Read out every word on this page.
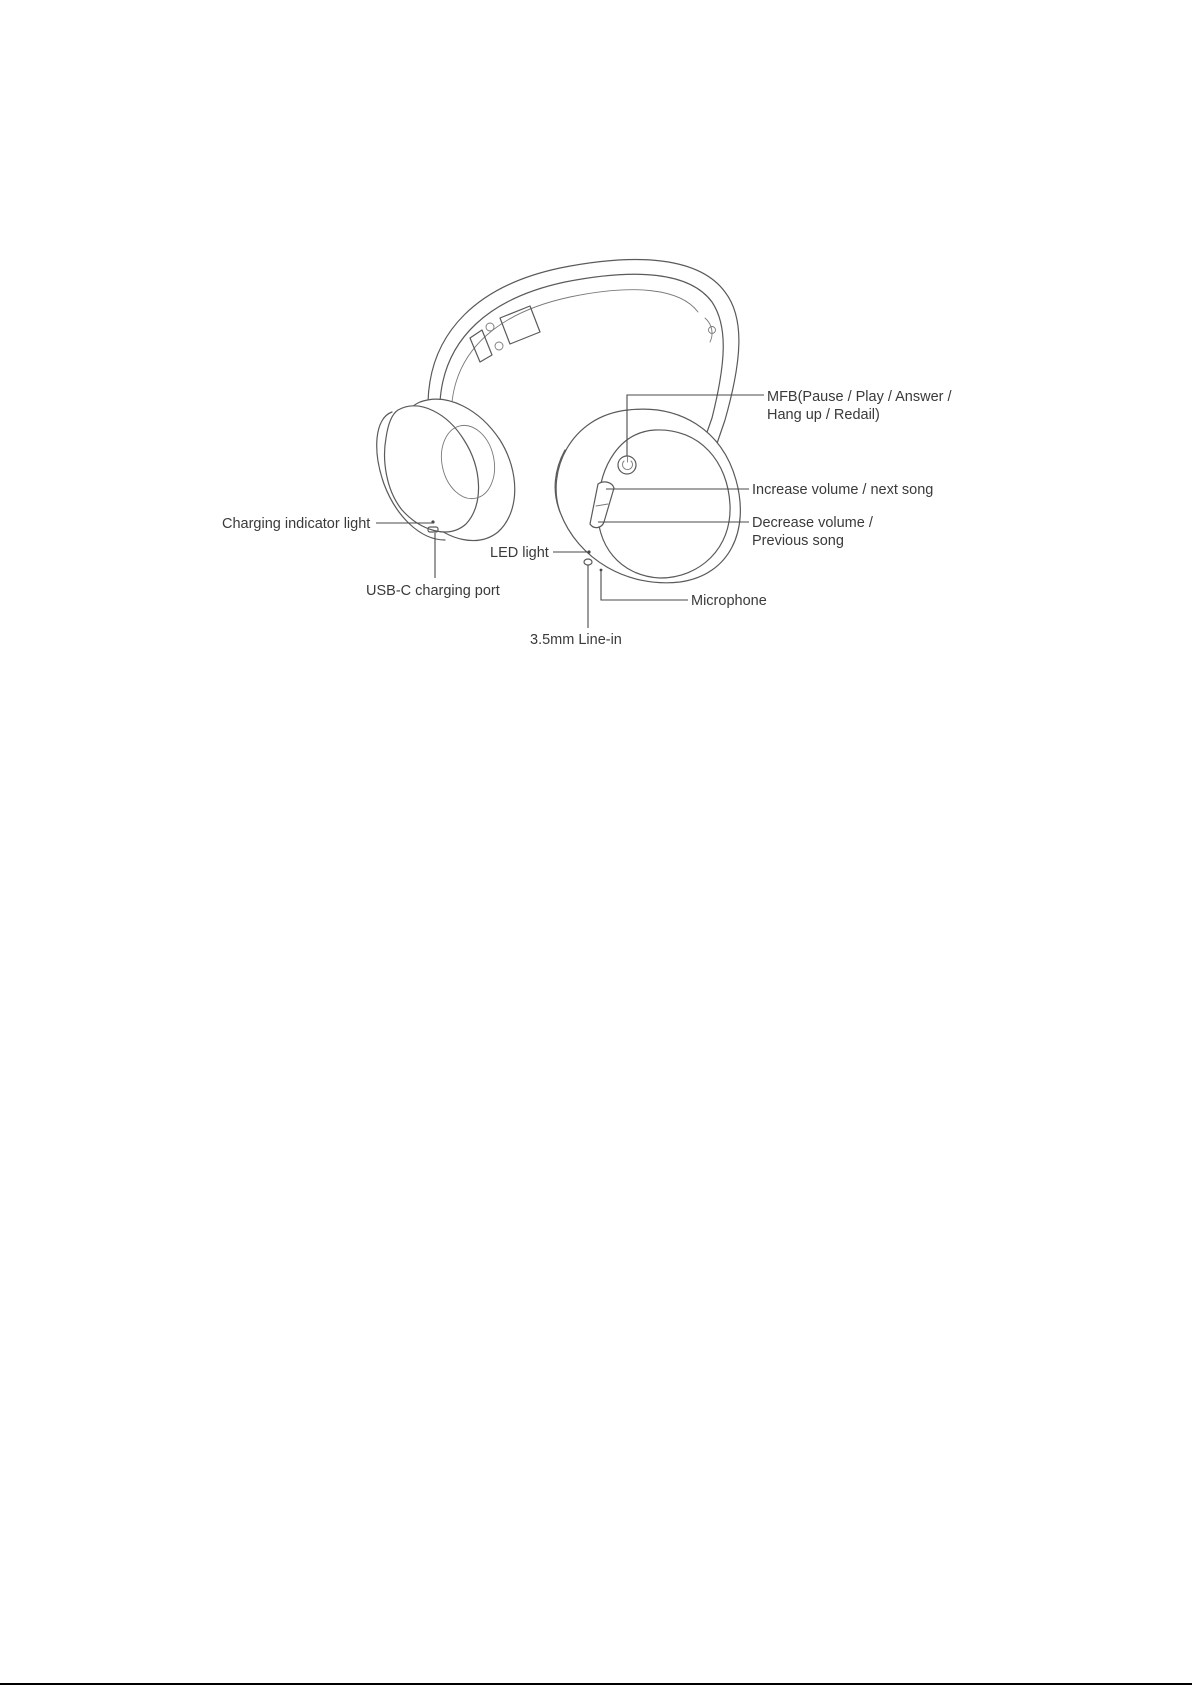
MFB(Pause / Play / Answer /
Hang up / Redail)
Increase volume / next song
Decrease volume /
Previous song
Charging indicator light
LED light
USB-C charging port
Microphone
3.5mm Line-in
